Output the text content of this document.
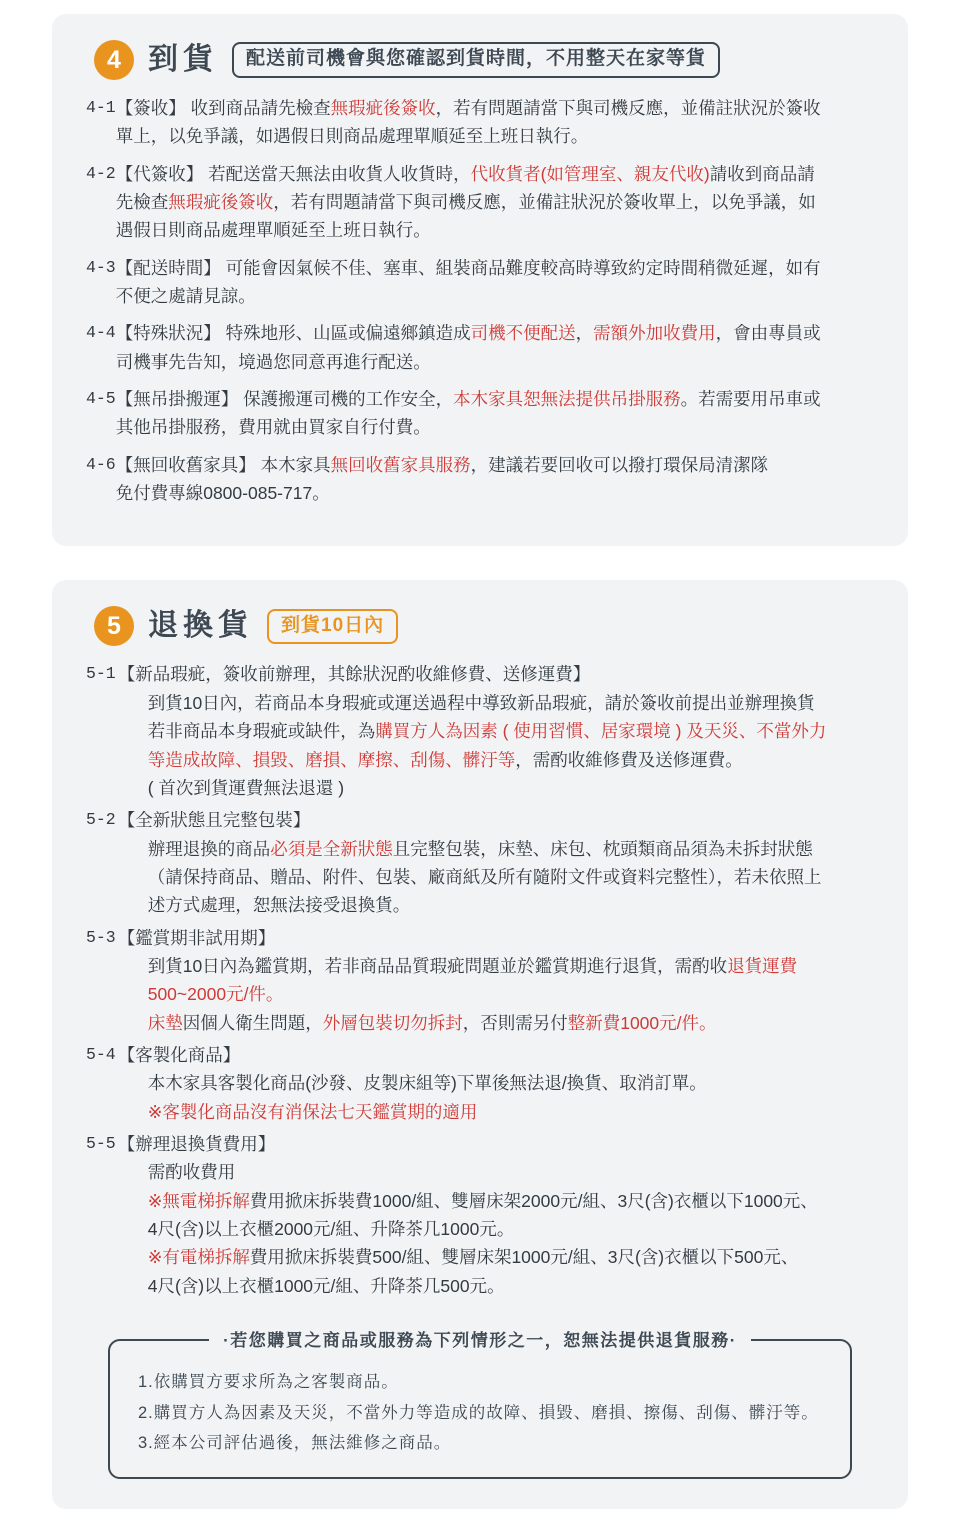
4 到貨	配送前司機會與您確認到貨時間，不用整天在家等貨
4-1 【簽收】 收到商品請先檢查無瑕疵後簽收，若有問題請當下與司機反應，並備註狀況於簽收
單上，以免爭議，如遇假日則商品處理單順延至上班日執行。
4-2 【代簽收】 若配送當天無法由收貨人收貨時，代收貨者(如管理室、親友代收)請收到商品請
先檢查無瑕疵後簽收，若有問題請當下與司機反應，並備註狀況於簽收單上，以免爭議，如
遇假日則商品處理單順延至上班日執行。
4-3 【配送時間】 可能會因氣候不佳、塞車、組裝商品難度較高時導致約定時間稍微延遲，如有
不便之處請見諒。
4-4 【特殊狀況】 特殊地形、山區或偏遠鄉鎮造成司機不便配送，需額外加收費用，會由專員或
司機事先告知，境過您同意再進行配送。
4-5 【無吊掛搬運】 保護搬運司機的工作安全，本木家具恕無法提供吊掛服務。若需要用吊車或
其他吊掛服務，費用就由買家自行付費。
4-6 【無回收舊家具】 本木家具無回收舊家具服務，建議若要回收可以撥打環保局清潔隊
免付費專線0800-085-717。
5 退換貨	到貨10日內
5-1 【新品瑕疵，簽收前辦理，其餘狀況酌收維修費、送修運費】
到貨10日內，若商品本身瑕疵或運送過程中導致新品瑕疵，請於簽收前提出並辦理換貨
若非商品本身瑕疵或缺件，為購買方人為因素 ( 使用習慣、居家環境 ) 及天災、不當外力
等造成故障、損毀、磨損、摩擦、刮傷、髒汙等，需酌收維修費及送修運費。
( 首次到貨運費無法退還 )
5-2 【全新狀態且完整包裝】
辦理退換的商品必須是全新狀態且完整包裝，床墊、床包、枕頭類商品須為未拆封狀態
（請保持商品、贈品、附件、包裝、廠商紙及所有隨附文件或資料完整性），若未依照上
述方式處理，恕無法接受退換貨。
5-3 【鑑賞期非試用期】
到貨10日內為鑑賞期，若非商品品質瑕疵問題並於鑑賞期進行退貨，需酌收退貨運費
500~2000元/件。
床墊因個人衛生問題，外層包裝切勿拆封，否則需另付整新費1000元/件。
5-4 【客製化商品】
本木家具客製化商品(沙發、皮製床組等)下單後無法退/換貨、取消訂單。
※客製化商品沒有消保法七天鑑賞期的適用
5-5 【辦理退換貨費用】
需酌收費用
※無電梯拆解費用掀床拆裝費1000/組、雙層床架2000元/組、3尺(含)衣櫃以下1000元、
4尺(含)以上衣櫃2000元/組、升降茶几1000元。
※有電梯拆解費用掀床拆裝費500/組、雙層床架1000元/組、3尺(含)衣櫃以下500元、
4尺(含)以上衣櫃1000元/組、升降茶几500元。
·若您購買之商品或服務為下列情形之一，恕無法提供退貨服務·
1.依購買方要求所為之客製商品。
2.購買方人為因素及天災，不當外力等造成的故障、損毀、磨損、擦傷、刮傷、髒汙等。
3.經本公司評估過後，無法維修之商品。
